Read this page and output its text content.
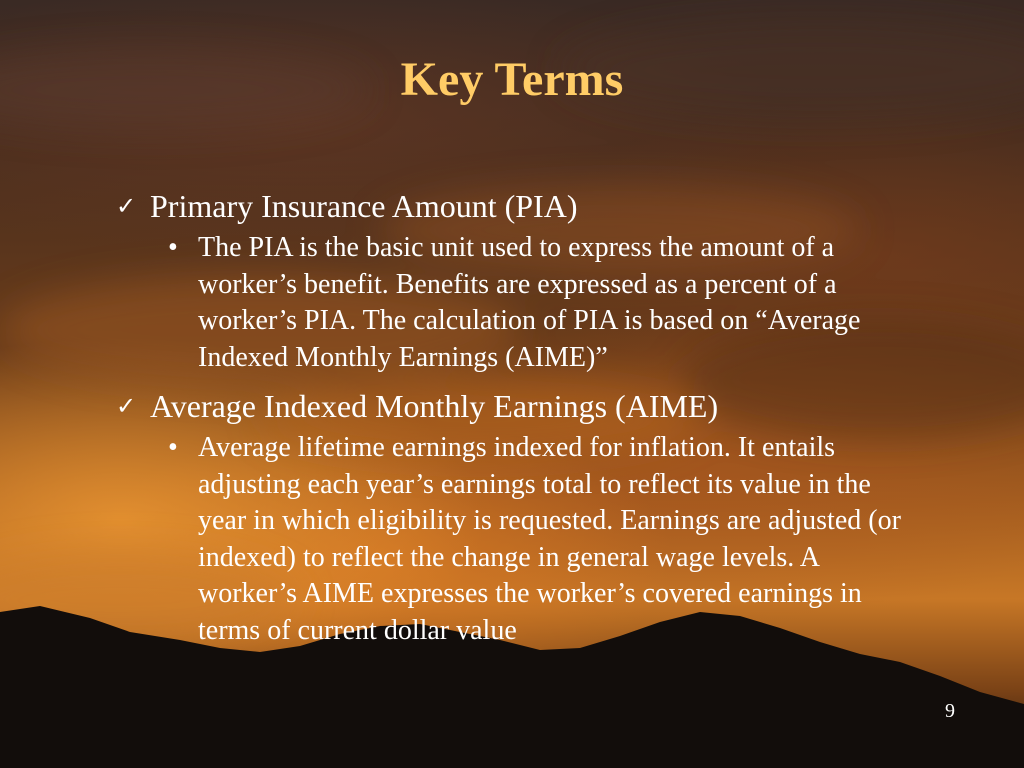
Key Terms
✓ Primary Insurance Amount (PIA)
• The PIA is the basic unit used to express the amount of a worker’s benefit. Benefits are expressed as a percent of a worker’s PIA. The calculation of PIA is based on “Average Indexed Monthly Earnings (AIME)”
✓ Average Indexed Monthly Earnings (AIME)
• Average lifetime earnings indexed for inflation. It entails adjusting each year’s earnings total to reflect its value in the year in which eligibility is requested. Earnings are adjusted (or indexed) to reflect the change in general wage levels. A worker’s AIME expresses the worker’s covered earnings in terms of current dollar value
9
